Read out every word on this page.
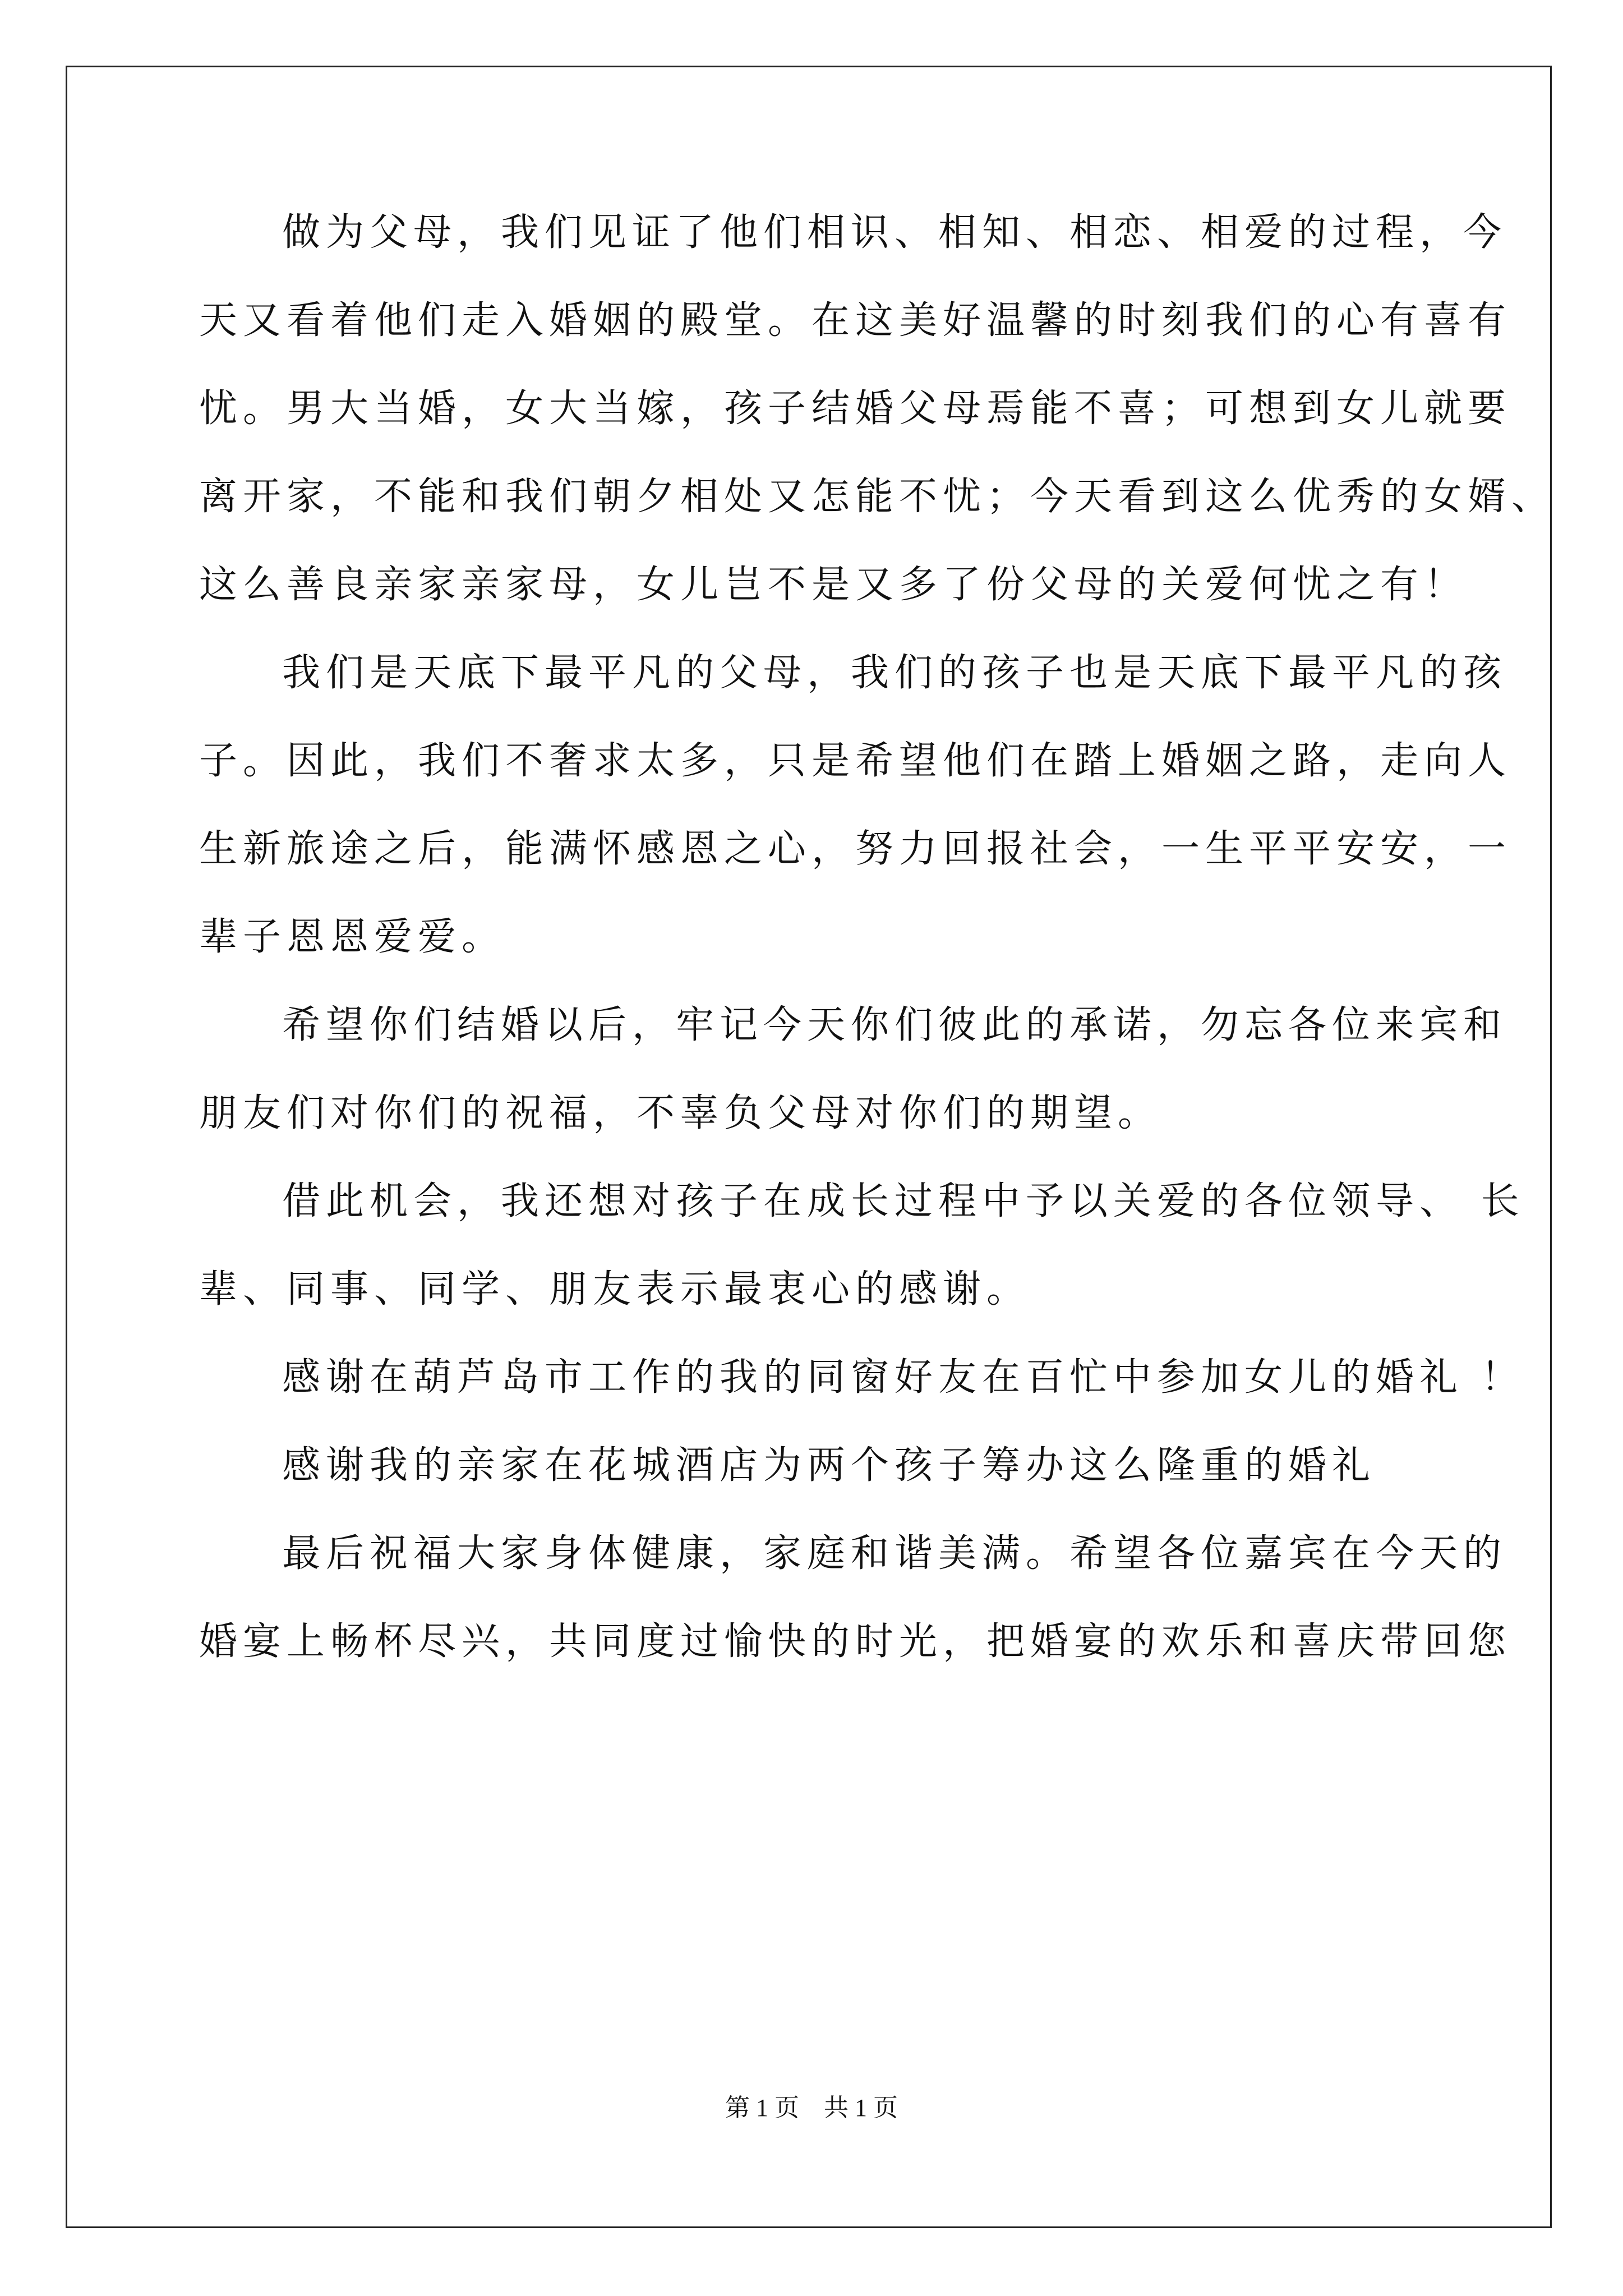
做为父母，我们见证了他们相识、相知、相恋、相爱的过程，今
天又看着他们走入婚姻的殿堂。在这美好温馨的时刻我们的心有喜有
忧。男大当婚，女大当嫁，孩子结婚父母焉能不喜；可想到女儿就要
离开家，不能和我们朝夕相处又怎能不忧；今天看到这么优秀的女婿、
这么善良亲家亲家母，女儿岂不是又多了份父母的关爱何忧之有！
我们是天底下最平凡的父母，我们的孩子也是天底下最平凡的孩
子。因此，我们不奢求太多，只是希望他们在踏上婚姻之路，走向人
生新旅途之后，能满怀感恩之心，努力回报社会，一生平平安安，一
辈子恩恩爱爱。
希望你们结婚以后，牢记今天你们彼此的承诺，勿忘各位来宾和
朋友们对你们的祝福，不辜负父母对你们的期望。
借此机会，我还想对孩子在成长过程中予以关爱的各位领导、 长
辈、同事、同学、朋友表示最衷心的感谢。
感谢在葫芦岛市工作的我的同窗好友在百忙中参加女儿的婚礼 ！
感谢我的亲家在花城酒店为两个孩子筹办这么隆重的婚礼
最后祝福大家身体健康，家庭和谐美满。希望各位嘉宾在今天的
婚宴上畅杯尽兴，共同度过愉快的时光，把婚宴的欢乐和喜庆带回您
第 1 页　共 1 页
